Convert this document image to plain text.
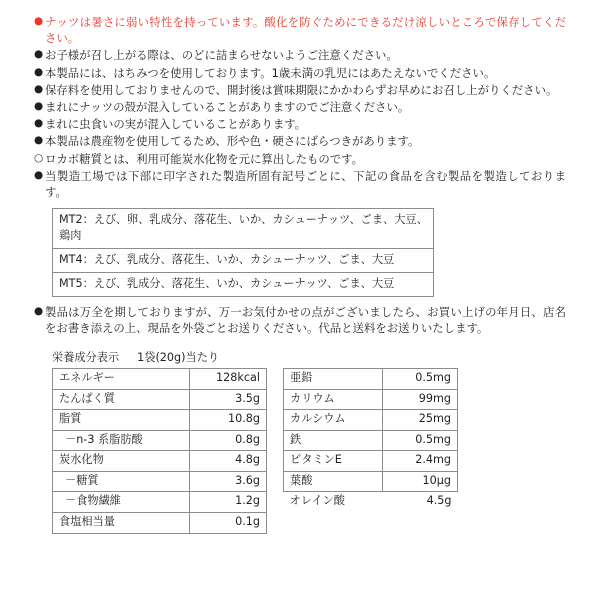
● ナッツは暑さに弱い特性を持っています。酸化を防ぐためにできるだけ涼しいところで保存してください。
● お子様が召し上がる際は、のどに詰まらせないようご注意ください。
● 本製品には、はちみつを使用しております。1歳未満の乳児にはあたえないでください。
● 保存料を使用しておりませんので、開封後は賞味期限にかかわらずお早めにお召し上がりください。
● まれにナッツの殻が混入していることがありますのでご注意ください。
● まれに虫食いの実が混入していることがあります。
● 本製品は農産物を使用してるため、形や色・硬さにばらつきがあります。
○ ロカボ糖質とは、利用可能炭水化物を元に算出したものです。
● 当製造工場では下部に印字された製造所固有記号ごとに、下記の食品を含む製品を製造しております。
MT2：えび、卵、乳成分、落花生、いか、カシューナッツ、ごま、大豆、鶏肉
MT4：えび、乳成分、落花生、いか、カシューナッツ、ごま、大豆
MT5：えび、乳成分、落花生、いか、カシューナッツ、ごま、大豆
● 製品は万全を期しておりますが、万一お気付かせの点がございましたら、お買い上げの年月日、店名をお書き添えの上、現品を外袋ごとお送りください。代品と送料をお送りいたします。
栄養成分表示 1袋(20g)当たり
エネルギー	128kcal
たんぱく質	3.5g
脂質	10.8g
－n-3 系脂肪酸	0.8g
炭水化物	4.8g
－糖質	3.6g
－食物繊維	1.2g
食塩相当量	0.1g
亜鉛	0.5mg
カリウム	99mg
カルシウム	25mg
鉄	0.5mg
ビタミンE	2.4mg
葉酸	10μg
オレイン酸	4.5g
